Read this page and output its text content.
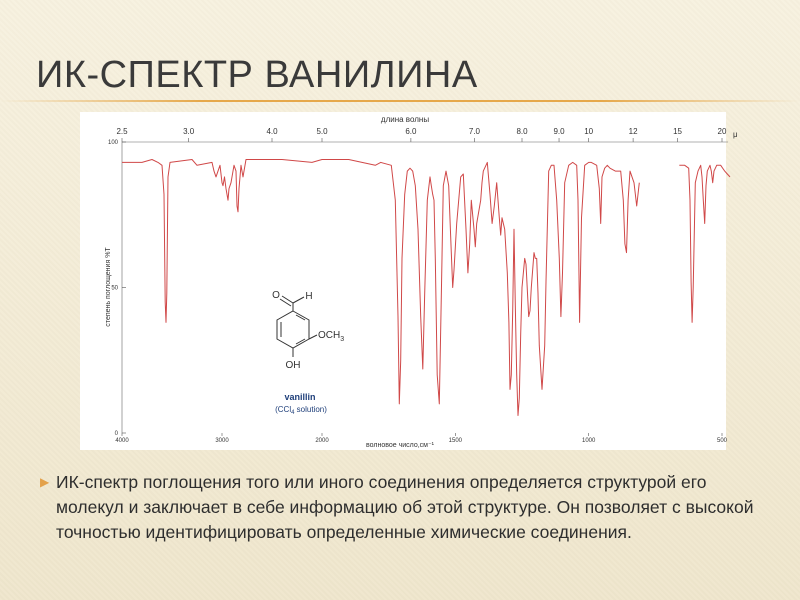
ИК-СПЕКТР ВАНИЛИНА
длина волны
2.5	3.0	4.0	5.0	6.0	7.0	8.0	9.0 10	12	15	20 μ
0
50
100
степень поглощения %T
4000	3000	2000	1500	1000	500
волновое число,см⁻¹
O	H
$OCH_3$
OH
vanillin
(CCl$_4$ solution)
▶ ИК-спектр поглощения того или иного соединения определяется структурой его молекул и заключает в себе информацию об этой структуре. Он позволяет с высокой точностью идентифицировать определенные химические соединения.
